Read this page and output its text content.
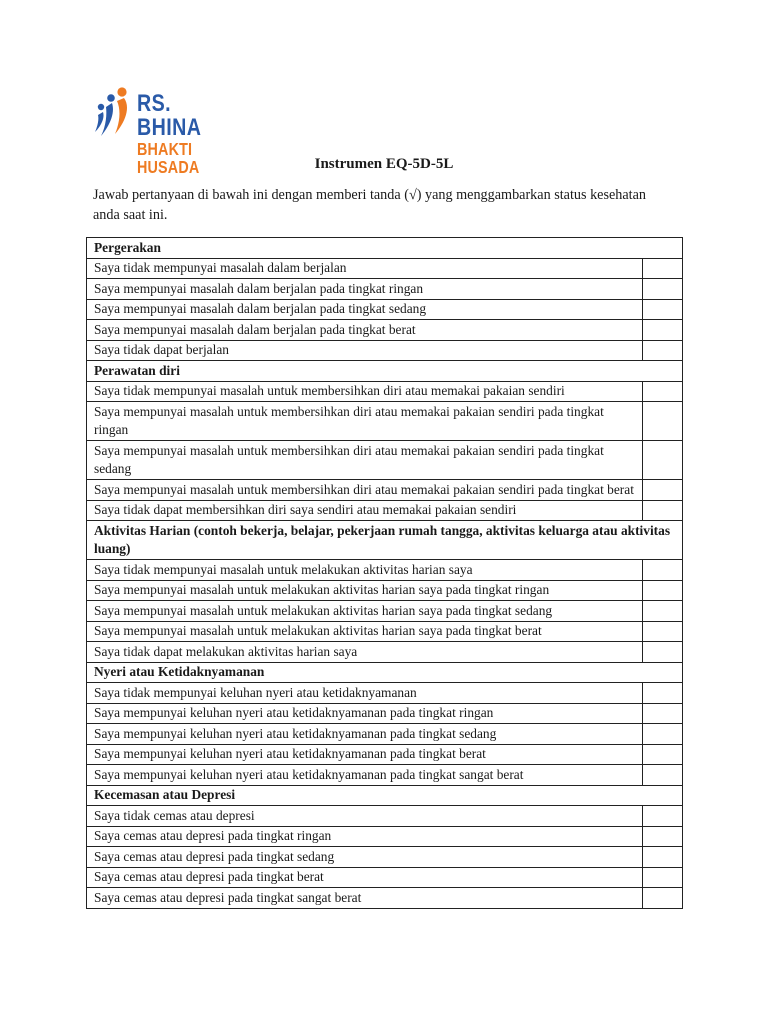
RS. BHINA
BHAKTI HUSADA	Instrumen EQ-5D-5L
Jawab pertanyaan di bawah ini dengan memberi tanda (√) yang menggambarkan status kesehatan anda saat ini.
Pergerakan	
Saya tidak mempunyai masalah dalam berjalan	
Saya mempunyai masalah dalam berjalan pada tingkat ringan	
Saya mempunyai masalah dalam berjalan pada tingkat sedang	
Saya mempunyai masalah dalam berjalan pada tingkat berat	
Saya tidak dapat berjalan	
Perawatan diri	
Saya tidak mempunyai masalah untuk membersihkan diri atau memakai pakaian sendiri	
Saya mempunyai masalah untuk membersihkan diri atau memakai pakaian sendiri pada tingkat ringan	
Saya mempunyai masalah untuk membersihkan diri atau memakai pakaian sendiri pada tingkat sedang	
Saya mempunyai masalah untuk membersihkan diri atau memakai pakaian sendiri pada tingkat berat	
Saya tidak dapat membersihkan diri saya sendiri atau memakai pakaian sendiri	
Aktivitas Harian (contoh bekerja, belajar, pekerjaan rumah tangga, aktivitas keluarga atau aktivitas luang)	
Saya tidak mempunyai masalah untuk melakukan aktivitas harian saya	
Saya mempunyai masalah untuk melakukan aktivitas harian saya pada tingkat ringan	
Saya mempunyai masalah untuk melakukan aktivitas harian saya pada tingkat sedang	
Saya mempunyai masalah untuk melakukan aktivitas harian saya pada tingkat berat	
Saya tidak dapat melakukan aktivitas harian saya	
Nyeri atau Ketidaknyamanan	
Saya tidak mempunyai keluhan nyeri atau ketidaknyamanan	
Saya mempunyai keluhan nyeri atau ketidaknyamanan pada tingkat ringan	
Saya mempunyai keluhan nyeri atau ketidaknyamanan pada tingkat sedang	
Saya mempunyai keluhan nyeri atau ketidaknyamanan pada tingkat berat	
Saya mempunyai keluhan nyeri atau ketidaknyamanan pada tingkat sangat berat	
Kecemasan atau Depresi	
Saya tidak cemas atau depresi	
Saya cemas atau depresi pada tingkat ringan	
Saya cemas atau depresi pada tingkat sedang	
Saya cemas atau depresi pada tingkat berat	
Saya cemas atau depresi pada tingkat sangat berat	
